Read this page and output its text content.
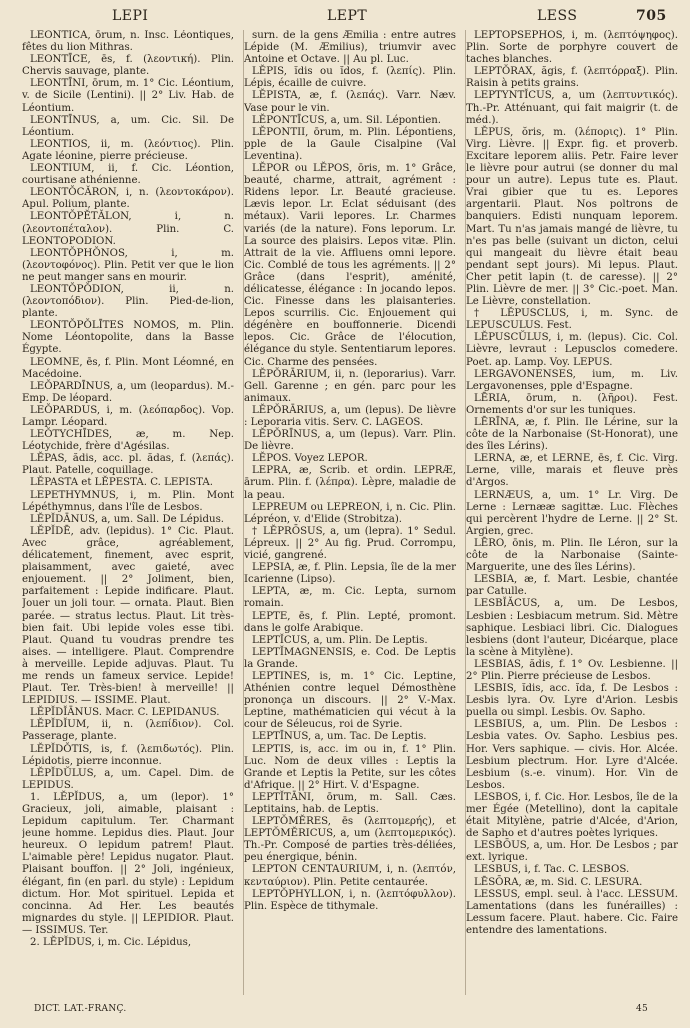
LEPI	LEPT	LESS	705

LEONTĪCA, ōrum, n. Insc. Léontiques, fêtes du lion Mithras.

LEONTĪCE, ēs, f. (λεοντική). Plin. Chervis sauvage, plante.

LEONTĪNI, ōrum, m. 1° Cic. Léontium, v. de Sicile (Lentini). || 2° Liv. Hab. de Léontium.

LEONTĪNUS, a, um. Cic. Sil. De Léontium.

LEONTIOS, ii, m. (λεόντιος). Plin. Agate léonine, pierre précieuse.

LEONTIUM, ii, f. Cic. Léontion, courtisane athénienne.

LEONTŎCĂRON, i, n. (λεοντοκάρον). Apul. Polium, plante.

LEONTŎPĔTĂLON, i, n. (λεοντοπέταλον). Plin. C. LEONTOPODION.

LEONTŎPHŎNOS, i, m. (λεοντοφόνος). Plin. Petit ver que le lion ne peut manger sans en mourir.

LEONTŎPŎDION, ii, n. (λεοντοπόδιον). Plin. Pied-de-lion, plante.

LEONTŎPŎLĪTES NOMOS, m. Plin. Nome Léontopolite, dans la Basse Égypte.

LEOMNE, ēs, f. Plin. Mont Léomné, en Macédoine.

LEŎPARDĪNUS, a, um (leopardus). M.-Emp. De léopard.

LEŎPARDUS, i, m. (λεόπαρδος). Vop. Lampr. Léopard.

LEŎTYCHĪDES, æ, m. Nep. Léotychide, frère d'Agésilas.

LĔPAS, ădis, acc. pl. ădas, f. (λεπάς). Plaut. Patelle, coquillage.

LĔPASTA et LĔPESTA. C. LEPISTA.

LEPETHYMNUS, i, m. Plin. Mont Lépéthymnus, dans l'île de Lesbos.

LĔPĬDĀNUS, a, um. Sall. De Lépidus.

LĔPĬDĒ, adv. (lepidus). 1° Cic. Plaut. Avec grâce, agréablement, délicatement, finement, avec esprit, plaisamment, avec gaieté, avec enjouement. || 2° Joliment, bien, parfaitement : Lepide indificare. Plaut. Jouer un joli tour. — ornata. Plaut. Bien parée. — stratus lectus. Plaut. Lit très-bien fait. Ubi lepide voles esse tibi. Plaut. Quand tu voudras prendre tes aises. — intelligere. Plaut. Comprendre à merveille. Lepide adjuvas. Plaut. Tu me rends un fameux service. Lepide! Plaut. Ter. Très-bien! à merveille! || LEPIDIUS. — ISSIME. Plaut.

LĔPĬDĬĀNUS. Macr. C. LEPIDANUS.

LĔPĬDĬUM, ii, n. (λεπίδιον). Col. Passerage, plante.

LĔPĬDŎTIS, is, f. (λεπιδωτός). Plin. Lépidotis, pierre inconnue.

LĔPĬDŬLUS, a, um. Capel. Dim. de LEPIDUS.

1. LĔPĬDUS, a, um (lepor). 1° Gracieux, joli, aimable, plaisant : Lepidum capitulum. Ter. Charmant jeune homme. Lepidus dies. Plaut. Jour heureux. O lepidum patrem! Plaut. L'aimable père! Lepidus nugator. Plaut. Plaisant bouffon. || 2° Joli, ingénieux, élégant, fin (en parl. du style) : Lepidum dictum. Hor. Mot spirituel. Lepida et concinna. Ad Her. Les beautés mignardes du style. || LEPIDIOR. Plaut. — ISSIMUS. Ter.

2. LĔPĬDUS, i, m. Cic. Lépidus,

surn. de la gens Æmilia : entre autres Lépide (M. Æmilius), triumvir avec Antoine et Octave. || Au pl. Luc.

LĔPIS, ĭdis ou ĭdos, f. (λεπίς). Plin. Lépis, écaille de cuivre.

LĔPISTA, æ, f. (λεπάς). Varr. Næv. Vase pour le vin.

LĔPONTĪCUS, a, um. Sil. Lépontien.

LĔPONTII, ōrum, m. Plin. Lépontiens, pple de la Gaule Cisalpine (Val Leventina).

LĔPOR ou LĔPOS, ōris, m. 1° Grâce, beauté, charme, attrait, agrément : Ridens lepor. Lr. Beauté gracieuse. Lævis lepor. Lr. Eclat séduisant (des métaux). Varii lepores. Lr. Charmes variés (de la nature). Fons leporum. Lr. La source des plaisirs. Lepos vitæ. Plin. Attrait de la vie. Affluens omni lepore. Cic. Comblé de tous les agréments. || 2° Grâce (dans l'esprit), aménité, délicatesse, élégance : In jocando lepos. Cic. Finesse dans les plaisanteries. Lepos scurrilis. Cic. Enjouement qui dégénère en bouffonnerie. Dicendi lepos. Cic. Grâce de l'élocution, élégance du style. Sententiarum lepores. Cic. Charme des pensées.

LĔPŎRĀRIUM, ii, n. (leporarius). Varr. Gell. Garenne ; en gén. parc pour les animaux.

LĔPŎRĀRIUS, a, um (lepus). De lièvre : Leporaria vitis. Serv. C. LAGEOS.

LĔPŎRĪNUS, a, um (lepus). Varr. Plin. De lièvre.

LĔPOS. Voyez LEPOR.

LEPRA, æ, Scrib. et ordin. LEPRÆ, ārum. Plin. f. (λέπρα). Lèpre, maladie de la peau.

LEPREUM ou LEPREON, i, n. Cic. Plin. Lépréon, v. d'Elide (Strobitza).

† LĔPRŌSUS, a, um (lepra). 1° Sedul. Lépreux. || 2° Au fig. Prud. Corrompu, vicié, gangrené.

LEPSIA, æ, f. Plin. Lepsia, île de la mer Icarienne (Lipso).

LEPTA, æ, m. Cic. Lepta, surnom romain.

LEPTE, ēs, f. Plin. Lepté, promont. dans le golfe Arabique.

LEPTĬCUS, a, um. Plin. De Leptis.

LEPTĬMAGNENSIS, e. Cod. De Leptis la Grande.

LEPTINES, is, m. 1° Cic. Leptine, Athénien contre lequel Démosthène prononça un discours. || 2° V.-Max. Leptine, mathématicien qui vécut à la cour de Séleucus, roi de Syrie.

LEPTĪNUS, a, um. Tac. De Leptis.

LEPTIS, is, acc. im ou in, f. 1° Plin. Luc. Nom de deux villes : Leptis la Grande et Leptis la Petite, sur les côtes d'Afrique. || 2° Hirt. V. d'Espagne.

LEPTĬTĀNI, ōrum, m. Sall. Cæs. Leptitains, hab. de Leptis.

LEPTŎMĔRES, ēs (λεπτομερής), et LEPTŎMĔRICUS, a, um (λεπτομερικός). Th.-Pr. Composé de parties très-déliées, peu énergique, bénin.

LEPTON CENTAURIUM, i, n. (λεπτόν, κενταύριον). Plin. Petite centaurée.

LEPTŎPHYLLON, i, n. (λεπτόφυλλον). Plin. Espèce de tithymale.

LEPTOPSĒPHOS, i, m. (λεπτόψηφος). Plin. Sorte de porphyre couvert de taches blanches.

LEPTŎRAX, ăgis, f. (λεπτόρραξ). Plin. Raisin à petits grains.

LEPTYNTĬCUS, a, um (λεπτυντικός). Th.-Pr. Atténuant, qui fait maigrir (t. de méd.).

LĔPUS, ŏris, m. (λέπορις). 1° Plin. Virg. Lièvre. || Expr. fig. et proverb. Excitare leporem aliis. Petr. Faire lever le lièvre pour autrui (se donner du mal pour un autre). Lepus tute es. Plaut. Vrai gibier que tu es. Lepores argentarii. Plaut. Nos poltrons de banquiers. Edisti nunquam leporem. Mart. Tu n'as jamais mangé de lièvre, tu n'es pas belle (suivant un dicton, celui qui mangeait du lièvre était beau pendant sept jours). Mi lepus. Plaut. Cher petit lapin (t. de caresse). || 2° Plin. Lièvre de mer. || 3° Cic.-poet. Man. Le Lièvre, constellation.

† LĔPUSCLUS, i, m. Sync. de LEPUSCULUS. Fest.

LĔPUSCŬLUS, i, m. (lepus). Cic. Col. Lièvre, levraut : Lepusclos comedere. Poet. ap. Lamp. Voy. LEPUS.

LERGAVONENSES, ium, m. Liv. Lergavonenses, pple d'Espagne.

LĒRIA, ōrum, n. (λῆροι). Fest. Ornements d'or sur les tuniques.

LĒRĪNA, æ, f. Plin. Ile Lérine, sur la côte de la Narbonaise (St-Honorat), une des îles Lérins).

LERNA, æ, et LERNE, ēs, f. Cic. Virg. Lerne, ville, marais et fleuve près d'Argos.

LERNÆUS, a, um. 1° Lr. Virg. De Lerne : Lernææ sagittæ. Luc. Flèches qui percèrent l'hydre de Lerne. || 2° St. Argien, grec.

LĒRO, ōnis, m. Plin. Ile Léron, sur la côte de la Narbonaise (Sainte-Marguerite, une des îles Lérins).

LESBIA, æ, f. Mart. Lesbie, chantée par Catulle.

LESBĬĂCUS, a, um. De Lesbos, Lesbien : Lesbiacum metrum. Sid. Mètre saphique. Lesbiaci libri. Cic. Dialogues lesbiens (dont l'auteur, Dicéarque, place la scène à Mitylène).

LESBIAS, ădis, f. 1° Ov. Lesbienne. || 2° Plin. Pierre précieuse de Lesbos.

LESBIS, ĭdis, acc. ĭda, f. De Lesbos : Lesbis lyra. Ov. Lyre d'Arion. Lesbis puella ou simpl. Lesbis. Ov. Sapho.

LESBIUS, a, um. Plin. De Lesbos : Lesbia vates. Ov. Sapho. Lesbius pes. Hor. Vers saphique. — civis. Hor. Alcée. Lesbium plectrum. Hor. Lyre d'Alcée. Lesbium (s.-e. vinum). Hor. Vin de Lesbos.

LESBOS, i, f. Cic. Hor. Lesbos, île de la mer Égée (Metellino), dont la capitale était Mitylène, patrie d'Alcée, d'Arion, de Sapho et d'autres poètes lyriques.

LESBŌUS, a, um. Hor. De Lesbos ; par ext. lyrique.

LESBUS, i, f. Tac. C. LESBOS.

LĒSŌRA, æ, m. Sid. C. LESURA.

LESSUS, empl. seul. à l'acc. LESSUM. Lamentations (dans les funérailles) : Lessum facere. Plaut. habere. Cic. Faire entendre des lamentations.

DICT. LAT.-FRANÇ.	45
